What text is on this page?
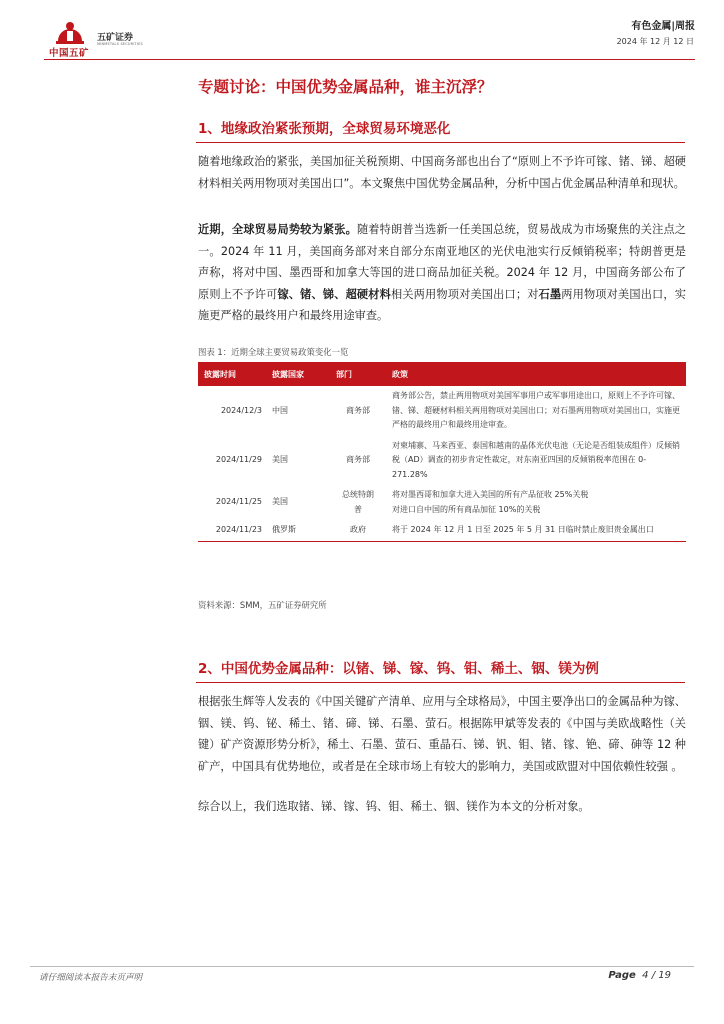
中国五矿
五矿证券
MINMETALS SECURITIES
有色金属|周报
2024 年 12 月 12 日
专题讨论：中国优势金属品种，谁主沉浮？
1、地缘政治紧张预期，全球贸易环境恶化
随着地缘政治的紧张，美国加征关税预期、中国商务部也出台了“原则上不予许可镓、锗、锑、超硬材料相关两用物项对美国出口”。本文聚焦中国优势金属品种，分析中国占优金属品种清单和现状。
近期，全球贸易局势较为紧张。随着特朗普当选新一任美国总统，贸易战成为市场聚焦的关注点之一。2024 年 11 月，美国商务部对来自部分东南亚地区的光伏电池实行反倾销税率；特朗普更是声称，将对中国、墨西哥和加拿大等国的进口商品加征关税。2024 年 12 月，中国商务部公布了原则上不予许可镓、锗、锑、超硬材料相关两用物项对美国出口；对石墨两用物项对美国出口，实施更严格的最终用户和最终用途审查。
图表 1：近期全球主要贸易政策变化一览
披露时间	披露国家	部门	政策
2024/12/3	中国	商务部	商务部公告，禁止两用物项对美国军事用户或军事用途出口，原则上不予许可镓、锗、锑、超硬材料相关两用物项对美国出口；对石墨两用物项对美国出口，实施更严格的最终用户和最终用途审查。
2024/11/29	美国	商务部	对柬埔寨、马来西亚、泰国和越南的晶体光伏电池（无论是否组装成组件）反倾销税（AD）调查的初步肯定性裁定，对东南亚四国的反倾销税率范围在 0-271.28%
2024/11/25	美国	总统特朗普	将对墨西哥和加拿大进入美国的所有产品征收 25%关税
对进口自中国的所有商品加征 10%的关税
2024/11/23	俄罗斯	政府	将于 2024 年 12 月 1 日至 2025 年 5 月 31 日临时禁止废旧贵金属出口
资料来源：SMM，五矿证券研究所
2、中国优势金属品种：以锗、锑、镓、钨、钼、稀土、铟、镁为例
根据张生辉等人发表的《中国关键矿产清单、应用与全球格局》，中国主要净出口的金属品种为镓、铟、镁、钨、铋、稀土、锗、碲、锑、石墨、萤石。根据陈甲斌等发表的《中国与美欧战略性（关键）矿产资源形势分析》，稀土、石墨、萤石、重晶石、锑、钒、钼、锗、镓、铯、碲、砷等 12 种矿产，中国具有优势地位，或者是在全球市场上有较大的影响力，美国或欧盟对中国依赖性较强 。
综合以上，我们选取锗、锑、镓、钨、钼、稀土、铟、镁作为本文的分析对象。
请仔细阅读本报告末页声明	Page 4 / 19
